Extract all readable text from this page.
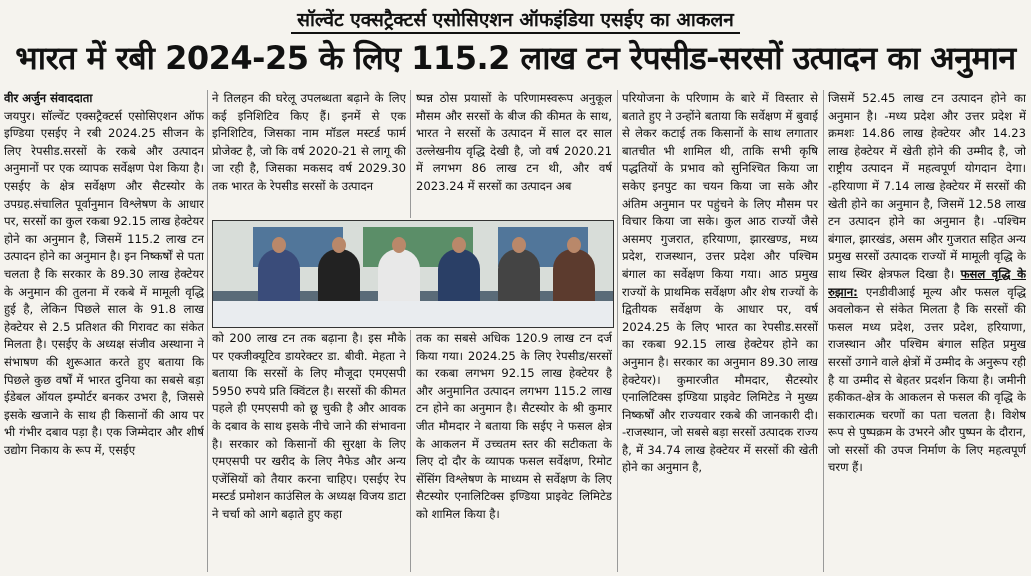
सॉल्वेंट एक्सट्रैक्टर्स एसोसिएशन ऑफइंडिया एसईए का आकलन
भारत में रबी 2024-25 के लिए 115.2 लाख टन रेपसीड-सरसों उत्पादन का अनुमान

वीर अर्जुन संवाददाता

जयपुर। सॉल्वेंट एक्सट्रैक्टर्स एसोसिएशन ऑफ इण्डिया एसईए ने रबी 2024.25 सीजन के लिए रेपसीड.सरसों के रकबे और उत्पादन अनुमानों पर एक व्यापक सर्वेक्षण पेश किया है। एसईए के क्षेत्र सर्वेक्षण और सैटस्योर के उपग्रह.संचालित पूर्वानुमान विश्लेषण के आधार पर, सरसों का कुल रकबा 92.15 लाख हेक्टेयर होने का अनुमान है, जिसमें 115.2 लाख टन उत्पादन होने का अनुमान है। इन निष्कर्षों से पता चलता है कि सरकार के 89.30 लाख हेक्टेयर के अनुमान की तुलना में रकबे में मामूली वृद्धि हुई है, लेकिन पिछले साल के 91.8 लाख हेक्टेयर से 2.5 प्रतिशत की गिरावट का संकेत मिलता है। एसईए के अध्यक्ष संजीव अस्थाना ने संभाषण की शुरूआत करते हुए बताया कि पिछले कुछ वर्षों में भारत दुनिया का सबसे बड़ा ईडेबल ऑयल इम्पोर्टर बनकर उभरा है, जिससे इसके खजाने के साथ ही किसानों की आय पर भी गंभीर दबाव पड़ा है। एक जिम्मेदार और शीर्ष उद्योग निकाय के रूप में, एसईए

ने तिलहन की घरेलू उपलब्धता बढ़ाने के लिए कई इनिशिटिव किए हैं। इनमें से एक इनिशिटिव, जिसका नाम मॉडल मस्टर्ड फार्म प्रोजेक्ट है, जो कि वर्ष 2020-21 से लागू की जा रही है, जिसका मकसद वर्ष 2029.30 तक भारत के रेपसीड सरसों के उत्पादन

ष्पन्न ठोस प्रयासों के परिणामस्वरूप अनुकूल मौसम और सरसों के बीज की कीमत के साथ, भारत ने सरसों के उत्पादन में साल दर साल उल्लेखनीय वृद्धि देखी है, जो वर्ष 2020.21 में लगभग 86 लाख टन थी, और वर्ष 2023.24 में सरसों का उत्पादन अब

को 200 लाख टन तक बढ़ाना है। इस मौके पर एक्जीक्यूटिव डायरेक्टर डा. बीवी. मेहता ने बताया कि सरसों के लिए मौजूदा एमएसपी 5950 रुपये प्रति क्विंटल है। सरसों की कीमत पहले ही एमएसपी को छू चुकी है और आवक के दबाव के साथ इसके नीचे जाने की संभावना है। सरकार को किसानों की सुरक्षा के लिए एमएसपी पर खरीद के लिए नैफेड और अन्य एजेंसियों को तैयार करना चाहिए। एसईए रेप मस्टर्ड प्रमोशन काउंसिल के अध्यक्ष विजय डाटा ने चर्चा को आगे बढ़ाते हुए कहा

तक का सबसे अधिक 120.9 लाख टन दर्ज किया गया। 2024.25 के लिए रेपसीड/सरसों का रकबा लगभग 92.15 लाख हेक्टेयर है और अनुमानित उत्पादन लगभग 115.2 लाख टन होने का अनुमान है। सैटस्योर के श्री कुमार जीत मौमदार ने बताया कि सईए ने फसल क्षेत्र के आकलन में उच्चतम स्तर की सटीकता के लिए दो दौर के व्यापक फसल सर्वेक्षण, रिमोट सेंसिंग विश्लेषण के माध्यम से सर्वेक्षण के लिए सैटस्योर एनालिटिक्स इण्डिया प्राइवेट लिमिटेड को शामिल किया है।

परियोजना के परिणाम के बारे में विस्तार से बताते हुए ने उन्होंने बताया कि सर्वेक्षण में बुवाई से लेकर कटाई तक किसानों के साथ लगातार बातचीत भी शामिल थी, ताकि सभी कृषि पद्धतियों के प्रभाव को सुनिश्चित किया जा सकेए इनपुट का चयन किया जा सके और अंतिम अनुमान पर पहुंचने के लिए मौसम पर विचार किया जा सके। कुल आठ राज्यों जैसे असमए गुजरात, हरियाणा, झारखण्ड, मध्य प्रदेश, राजस्थान, उत्तर प्रदेश और पश्चिम बंगाल का सर्वेक्षण किया गया। आठ प्रमुख राज्यों के प्राथमिक सर्वेक्षण और शेष राज्यों के द्वितीयक सर्वेक्षण के आधार पर, वर्ष 2024.25 के लिए भारत का रेपसीड.सरसों का रकबा 92.15 लाख हेक्टेयर होने का अनुमान है। सरकार का अनुमान 89.30 लाख हेक्टेयर)। कुमारजीत मौमदार, सैटस्योर एनालिटिक्स इण्डिया प्राइवेट लिमिटेड ने मुख्य निष्कर्षों और राज्यवार रकबे की जानकारी दी। -राजस्थान, जो सबसे बड़ा सरसों उत्पादक राज्य है, में 34.74 लाख हेक्टेयर में सरसों की खेती होने का अनुमान है,

जिसमें 52.45 लाख टन उत्पादन होने का अनुमान है। -मध्य प्रदेश और उत्तर प्रदेश में क्रमशः 14.86 लाख हेक्टेयर और 14.23 लाख हेक्टेयर में खेती होने की उम्मीद है, जो राष्ट्रीय उत्पादन में महत्वपूर्ण योगदान देगा। -हरियाणा में 7.14 लाख हेक्टेयर में सरसों की खेती होने का अनुमान है, जिसमें 12.58 लाख टन उत्पादन होने का अनुमान है। -पश्चिम बंगाल, झारखंड, असम और गुजरात सहित अन्य प्रमुख सरसों उत्पादक राज्यों में मामूली वृद्धि के साथ स्थिर क्षेत्रफल दिखा है। फसल वृद्धि के रुझान: एनडीवीआई मूल्य और फसल वृद्धि अवलोकन से संकेत मिलता है कि सरसों की फसल मध्य प्रदेश, उत्तर प्रदेश, हरियाणा, राजस्थान और पश्चिम बंगाल सहित प्रमुख सरसों उगाने वाले क्षेत्रों में उम्मीद के अनुरूप रही है या उम्मीद से बेहतर प्रदर्शन किया है। जमीनी हकीकत-क्षेत्र के आकलन से फसल की वृद्धि के सकारात्मक चरणों का पता चलता है। विशेष रूप से पुष्पक्रम के उभरने और पुष्पन के दौरान, जो सरसों की उपज निर्माण के लिए महत्वपूर्ण चरण हैं।
